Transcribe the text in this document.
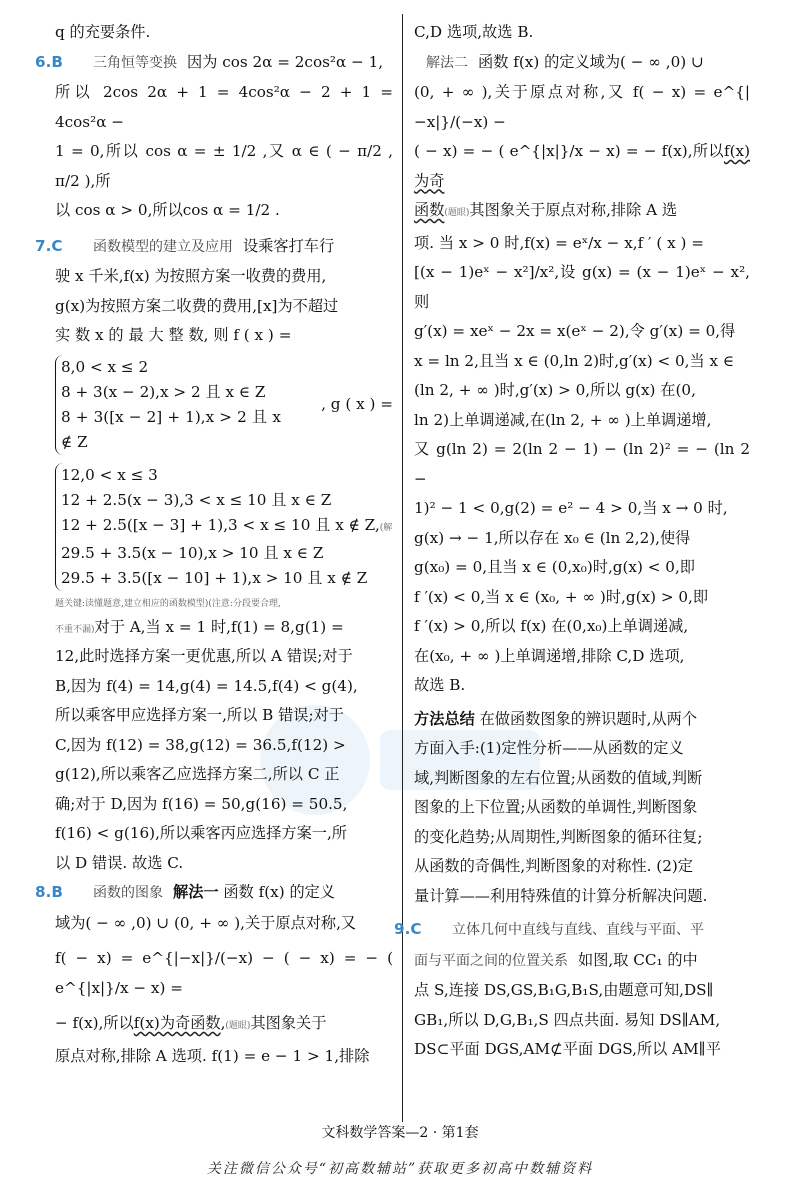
q 的充要条件.

6.B 三角恒等变换 因为 cos 2α = 2cos²α − 1,

所以 2cos 2α + 1 = 4cos²α − 2 + 1 = 4cos²α −

1 = 0,所以 cos α = ± 1/2 ,又 α ∈ ( − π/2 , π/2 ),所

以 cos α > 0,所以cos α = 1/2 .

7.C 函数模型的建立及应用 设乘客打车行

驶 x 千米,f(x) 为按照方案一收费的费用,

g(x)为按照方案二收费的费用,[x]为不超过

实 数 x 的 最 大 整 数, 则 f ( x ) =

8,0 < x ≤ 2
8 + 3(x − 2),x > 2 且 x ∈ Z
8 + 3([x − 2] + 1),x > 2 且 x ∉ Z
, g ( x ) =
12,0 < x ≤ 3
12 + 2.5(x − 3),3 < x ≤ 10 且 x ∈ Z
12 + 2.5([x − 3] + 1),3 < x ≤ 10 且 x ∉ Z,(解
29.5 + 3.5(x − 10),x > 10 且 x ∈ Z
29.5 + 3.5([x − 10] + 1),x > 10 且 x ∉ Z
题关键:读懂题意,建立相应的函数模型)(注意:分段要合理,

不重不漏)对于 A,当 x = 1 时,f(1) = 8,g(1) =

12,此时选择方案一更优惠,所以 A 错误;对于

B,因为 f(4) = 14,g(4) = 14.5,f(4) < g(4),

所以乘客甲应选择方案一,所以 B 错误;对于

C,因为 f(12) = 38,g(12) = 36.5,f(12) >

g(12),所以乘客乙应选择方案二,所以 C 正

确;对于 D,因为 f(16) = 50,g(16) = 50.5,

f(16) < g(16),所以乘客丙应选择方案一,所

以 D 错误. 故选 C.

8.B 函数的图象 解法一 函数 f(x) 的定义

域为( − ∞ ,0) ∪ (0, + ∞ ),关于原点对称,又

f( − x) = e^{|−x|}/(−x) − ( − x) = − ( e^{|x|}/x − x) =

− f(x),所以f(x)为奇函数,(题眼)其图象关于

原点对称,排除 A 选项. f(1) = e − 1 > 1,排除

C,D 选项,故选 B.

解法二 函数 f(x) 的定义域为( − ∞ ,0) ∪

(0, + ∞ ),关于原点对称,又 f( − x) = e^{|−x|}/(−x) −

( − x) = − ( e^{|x|}/x − x) = − f(x),所以f(x) 为奇

函数(题眼)其图象关于原点对称,排除 A 选

项. 当 x > 0 时,f(x) = eˣ/x − x,f ′ ( x ) =

[(x − 1)eˣ − x²]/x²,设 g(x) = (x − 1)eˣ − x²,则

g′(x) = xeˣ − 2x = x(eˣ − 2),令 g′(x) = 0,得

x = ln 2,且当 x ∈ (0,ln 2)时,g′(x) < 0,当 x ∈

(ln 2, + ∞ )时,g′(x) > 0,所以 g(x) 在(0,

ln 2)上单调递减,在(ln 2, + ∞ )上单调递增,

又 g(ln 2) = 2(ln 2 − 1) − (ln 2)² = − (ln 2 −

1)² − 1 < 0,g(2) = e² − 4 > 0,当 x → 0 时,

g(x) → − 1,所以存在 x₀ ∈ (ln 2,2),使得

g(x₀) = 0,且当 x ∈ (0,x₀)时,g(x) < 0,即

f ′(x) < 0,当 x ∈ (x₀, + ∞ )时,g(x) > 0,即

f ′(x) > 0,所以 f(x) 在(0,x₀)上单调递减,

在(x₀, + ∞ )上单调递增,排除 C,D 选项,

故选 B.

方法总结 在做函数图象的辨识题时,从两个

方面入手:(1)定性分析——从函数的定义

域,判断图象的左右位置;从函数的值域,判断

图象的上下位置;从函数的单调性,判断图象

的变化趋势;从周期性,判断图象的循环往复;

从函数的奇偶性,判断图象的对称性. (2)定

量计算——利用特殊值的计算分析解决问题.

9.C 立体几何中直线与直线、直线与平面、平

面与平面之间的位置关系 如图,取 CC₁ 的中

点 S,连接 DS,GS,B₁G,B₁S,由题意可知,DS∥

GB₁,所以 D,G,B₁,S 四点共面. 易知 DS∥AM,

DS⊂平面 DGS,AM⊄平面 DGS,所以 AM∥平

文科数学答案—2 · 第1套
关注微信公众号“初高数辅站”获取更多初高中数辅资料
